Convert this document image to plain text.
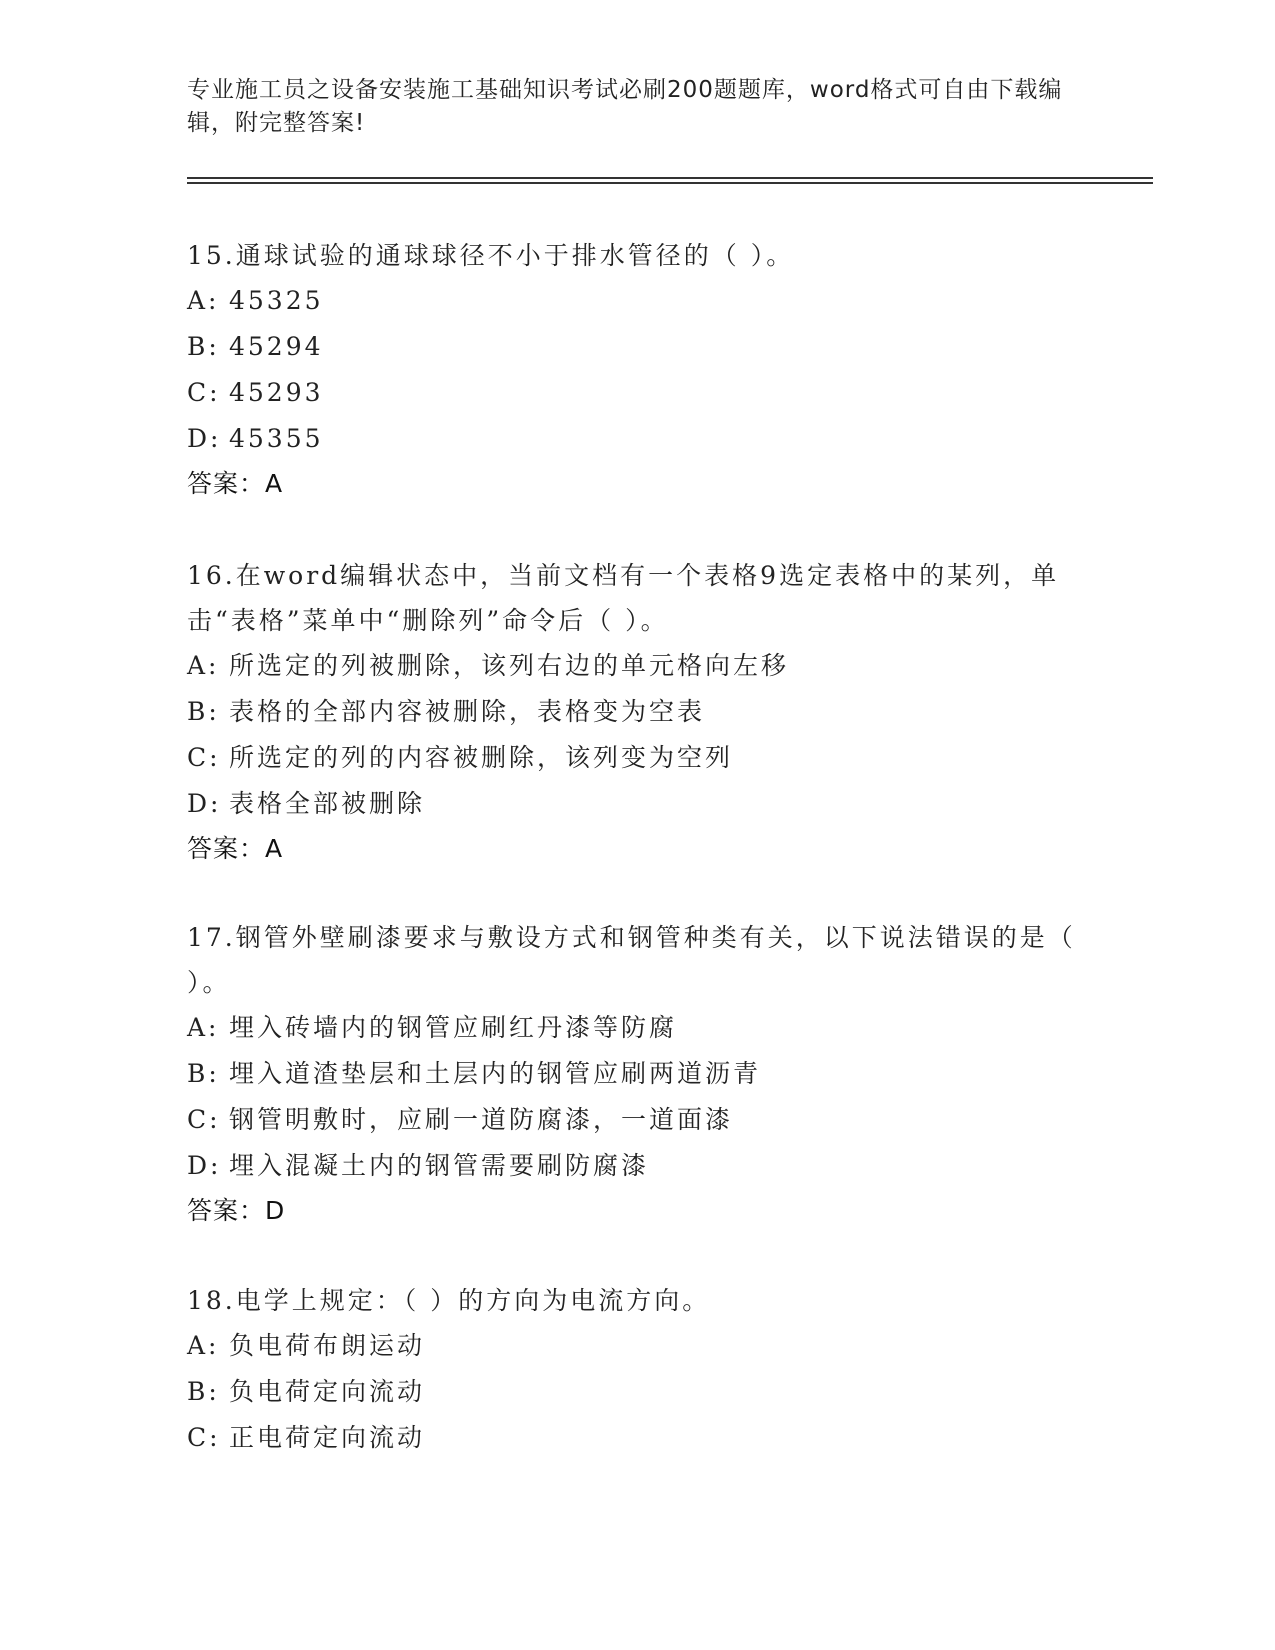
专业施工员之设备安装施工基础知识考试必刷200题题库，word格式可自由下载编辑，附完整答案!
15.通球试验的通球球径不小于排水管径的（ ）。
A: 45325
B: 45294
C: 45293
D: 45355
答案：A
16.在word编辑状态中，当前文档有一个表格9选定表格中的某列，单击“表格”菜单中“删除列”命令后（ ）。
A: 所选定的列被删除，该列右边的单元格向左移
B: 表格的全部内容被删除，表格变为空表
C: 所选定的列的内容被删除，该列变为空列
D: 表格全部被删除
答案：A
17.钢管外壁刷漆要求与敷设方式和钢管种类有关，以下说法错误的是（ ）。
A: 埋入砖墙内的钢管应刷红丹漆等防腐
B: 埋入道渣垫层和土层内的钢管应刷两道沥青
C: 钢管明敷时，应刷一道防腐漆，一道面漆
D: 埋入混凝土内的钢管需要刷防腐漆
答案：D
18.电学上规定：（ ）的方向为电流方向。
A: 负电荷布朗运动
B: 负电荷定向流动
C: 正电荷定向流动
